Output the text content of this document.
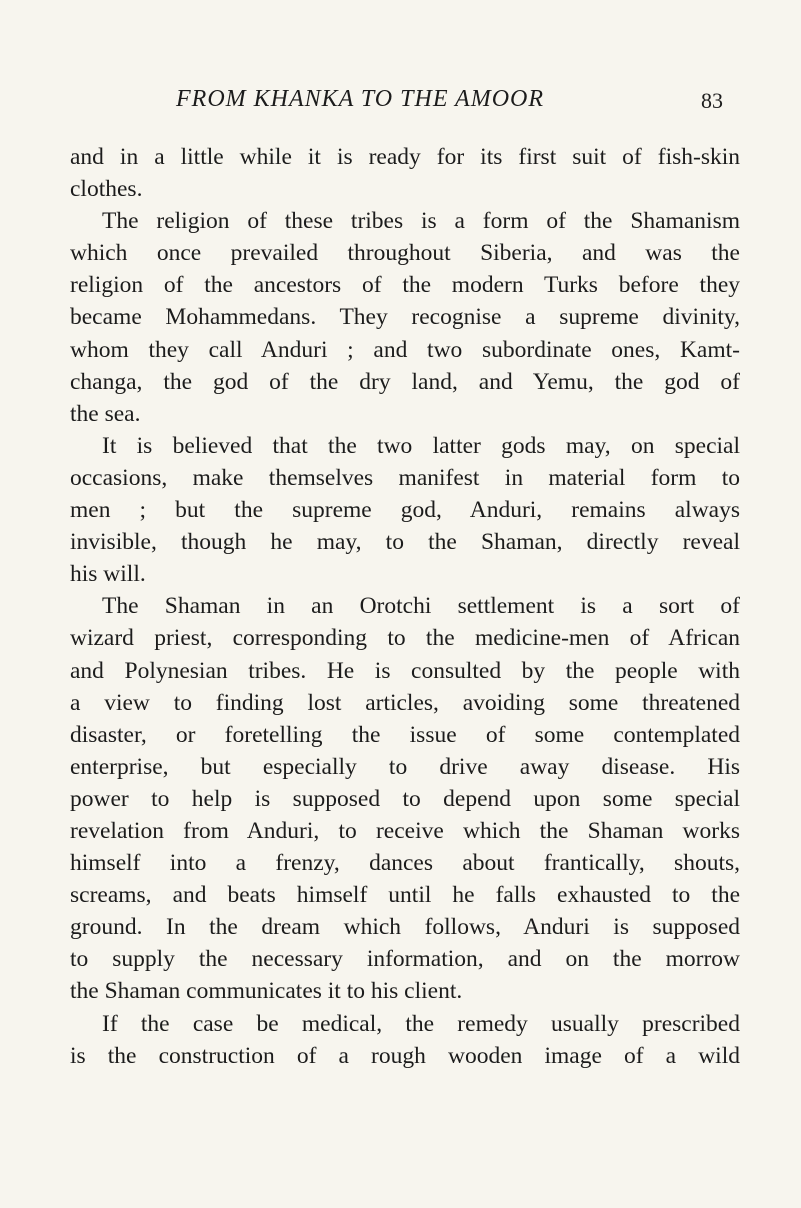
FROM KHANKA TO THE AMOOR	83
and in a little while it is ready for its first suit of fish-skin
clothes.
The religion of these tribes is a form of the Shamanism
which once prevailed throughout Siberia, and was the
religion of the ancestors of the modern Turks before they
became Mohammedans. They recognise a supreme divinity,
whom they call Anduri ; and two subordinate ones, Kamt-
changa, the god of the dry land, and Yemu, the god of
the sea.
It is believed that the two latter gods may, on special
occasions, make themselves manifest in material form to
men ; but the supreme god, Anduri, remains always
invisible, though he may, to the Shaman, directly reveal
his will.
The Shaman in an Orotchi settlement is a sort of
wizard priest, corresponding to the medicine-men of African
and Polynesian tribes. He is consulted by the people with
a view to finding lost articles, avoiding some threatened
disaster, or foretelling the issue of some contemplated
enterprise, but especially to drive away disease. His
power to help is supposed to depend upon some special
revelation from Anduri, to receive which the Shaman works
himself into a frenzy, dances about frantically, shouts,
screams, and beats himself until he falls exhausted to the
ground. In the dream which follows, Anduri is supposed
to supply the necessary information, and on the morrow
the Shaman communicates it to his client.
If the case be medical, the remedy usually prescribed
is the construction of a rough wooden image of a wild
